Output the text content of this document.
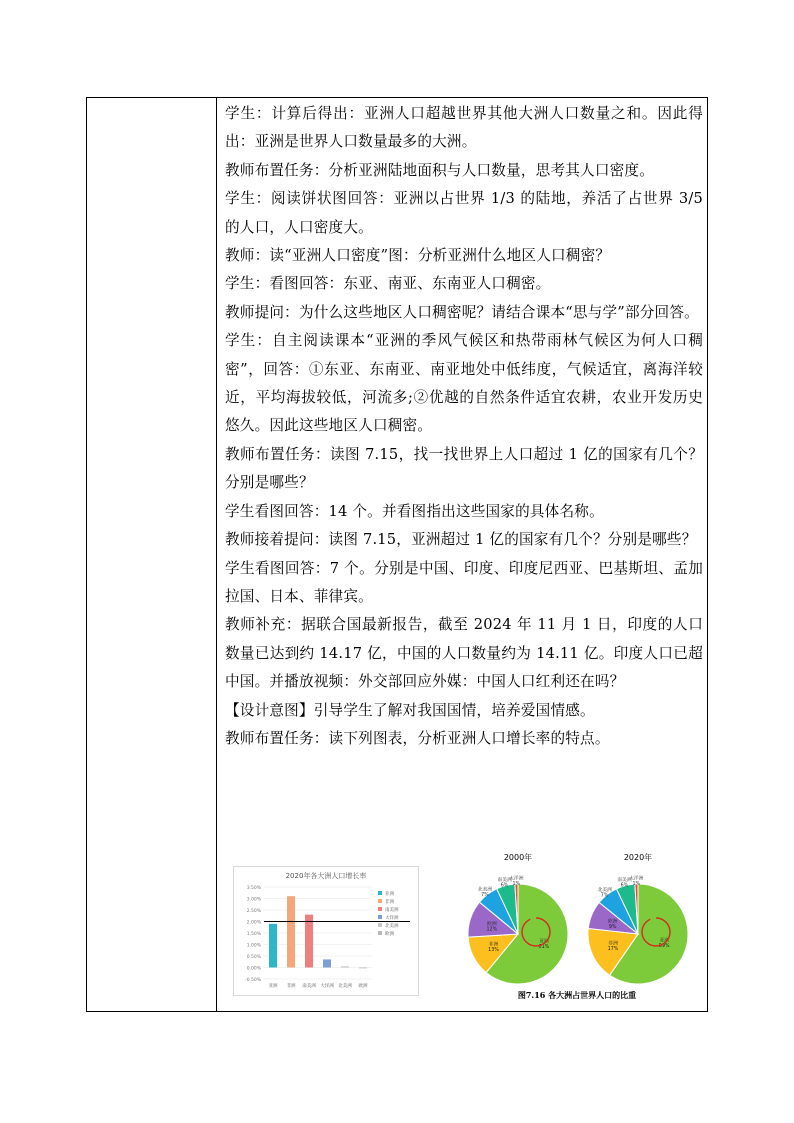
学生：计算后得出：亚洲人口超越世界其他大洲人口数量之和。因此得出：亚洲是世界人口数量最多的大洲。

教师布置任务：分析亚洲陆地面积与人口数量，思考其人口密度。

学生：阅读饼状图回答：亚洲以占世界 1/3 的陆地，养活了占世界 3/5 的人口，人口密度大。

教师：读“亚洲人口密度”图：分析亚洲什么地区人口稠密？

学生：看图回答：东亚、南亚、东南亚人口稠密。

教师提问：为什么这些地区人口稠密呢？请结合课本“思与学”部分回答。

学生：自主阅读课本“亚洲的季风气候区和热带雨林气候区为何人口稠密”，回答：①东亚、东南亚、南亚地处中低纬度，气候适宜，离海洋较近，平均海拔较低，河流多;②优越的自然条件适宜农耕，农业开发历史悠久。因此这些地区人口稠密。

教师布置任务：读图 7.15，找一找世界上人口超过 1 亿的国家有几个？分别是哪些？

学生看图回答：14 个。并看图指出这些国家的具体名称。

教师接着提问：读图 7.15，亚洲超过 1 亿的国家有几个？分别是哪些？

学生看图回答：7 个。分别是中国、印度、印度尼西亚、巴基斯坦、孟加拉国、日本、菲律宾。

教师补充：据联合国最新报告，截至 2024 年 11 月 1 日，印度的人口数量已达到约 14.17 亿，中国的人口数量约为 14.11 亿。印度人口已超中国。并播放视频：外交部回应外媒：中国人口红利还在吗？

【设计意图】引导学生了解对我国国情，培养爱国情感。

教师布置任务：读下列图表，分析亚洲人口增长率的特点。

2020年各大洲人口增长率
3.50%
3.00%
2.50%
2.00%
1.50%
1.00%
0.50%
0.00%
-0.50%
亚洲 非洲 南美洲 大洋洲 北美洲 欧洲
亚洲
非洲
南美洲
大洋洲
北美洲
欧洲
2000年
亚洲
61%
非洲
13%
欧洲
12%
北美洲
7%
南美洲
6%
大洋洲
1%
2020年
亚洲
59%
非洲
17%
欧洲
9%
北美洲
7%
南美洲
6%
大洋洲
1%
图7.16 各大洲占世界人口的比重
